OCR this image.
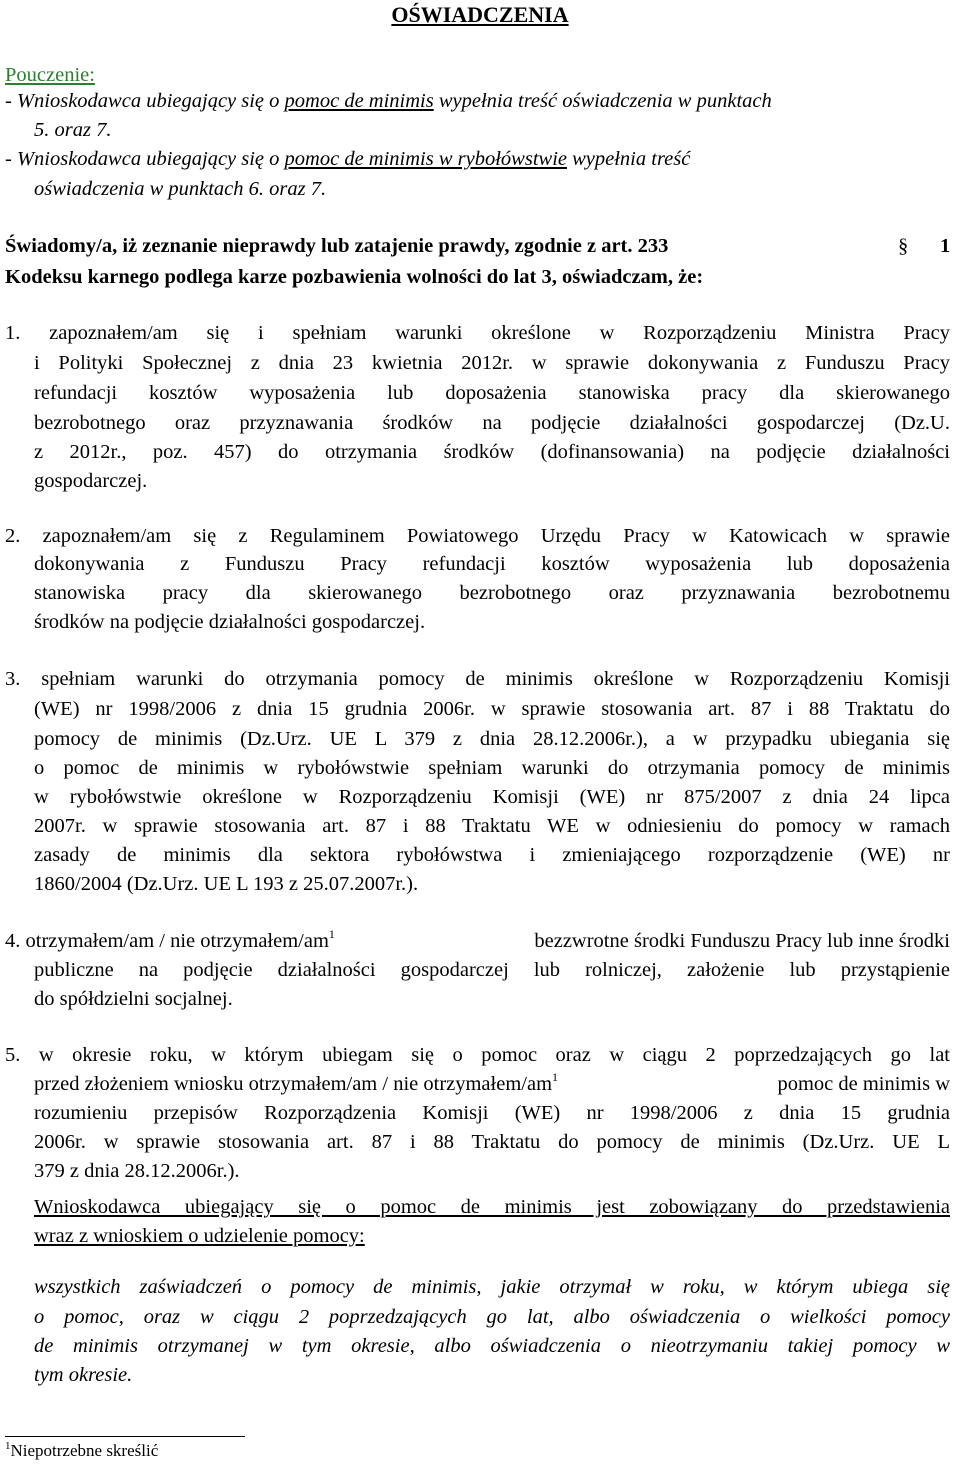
OŚWIADCZENIA
Pouczenie:
- Wnioskodawca ubiegający się o pomoc de minimis wypełnia treść oświadczenia w punktach
5. oraz 7.
- Wnioskodawca ubiegający się o pomoc de minimis w rybołówstwie wypełnia treść
oświadczenia w punktach 6. oraz 7.
Świadomy/a, iż zeznanie nieprawdy lub zatajenie prawdy, zgodnie z art. 233	§ 1
Kodeksu karnego podlega karze pozbawienia wolności do lat 3, oświadczam, że:
1. zapoznałem/am się i spełniam warunki określone w Rozporządzeniu Ministra Pracy
i Polityki Społecznej z dnia 23 kwietnia 2012r. w sprawie dokonywania z Funduszu Pracy
refundacji kosztów wyposażenia lub doposażenia stanowiska pracy dla skierowanego
bezrobotnego oraz przyznawania środków na podjęcie działalności gospodarczej (Dz.U.
z 2012r., poz. 457) do otrzymania środków (dofinansowania) na podjęcie działalności
gospodarczej.
2. zapoznałem/am się z Regulaminem Powiatowego Urzędu Pracy w Katowicach w sprawie
dokonywania z Funduszu Pracy refundacji kosztów wyposażenia lub doposażenia
stanowiska pracy dla skierowanego bezrobotnego oraz przyznawania bezrobotnemu
środków na podjęcie działalności gospodarczej.
3. spełniam warunki do otrzymania pomocy de minimis określone w Rozporządzeniu Komisji
(WE) nr 1998/2006 z dnia 15 grudnia 2006r. w sprawie stosowania art. 87 i 88 Traktatu do
pomocy de minimis (Dz.Urz. UE L 379 z dnia 28.12.2006r.), a w przypadku ubiegania się
o pomoc de minimis w rybołówstwie spełniam warunki do otrzymania pomocy de minimis
w rybołówstwie określone w Rozporządzeniu Komisji (WE) nr 875/2007 z dnia 24 lipca
2007r. w sprawie stosowania art. 87 i 88 Traktatu WE w odniesieniu do pomocy w ramach
zasady de minimis dla sektora rybołówstwa i zmieniającego rozporządzenie (WE) nr
1860/2004 (Dz.Urz. UE L 193 z 25.07.2007r.).
4. otrzymałem/am / nie otrzymałem/$am^1$	bezzwrotne środki Funduszu Pracy lub inne środki
publiczne na podjęcie działalności gospodarczej lub rolniczej, założenie lub przystąpienie
do spółdzielni socjalnej.
5. w okresie roku, w którym ubiegam się o pomoc oraz w ciągu 2 poprzedzających go lat
przed złożeniem wniosku otrzymałem/am / nie otrzymałem/$am^1$	pomoc de minimis w
rozumieniu przepisów Rozporządzenia Komisji (WE) nr 1998/2006 z dnia 15 grudnia
2006r. w sprawie stosowania art. 87 i 88 Traktatu do pomocy de minimis (Dz.Urz. UE L
379 z dnia 28.12.2006r.).
Wnioskodawca ubiegający się o pomoc de minimis jest zobowiązany do przedstawienia
wraz z wnioskiem o udzielenie pomocy:
wszystkich zaświadczeń o pomocy de minimis, jakie otrzymał w roku, w którym ubiega się
o pomoc, oraz w ciągu 2 poprzedzających go lat, albo oświadczenia o wielkości pomocy
de minimis otrzymanej w tym okresie, albo oświadczenia o nieotrzymaniu takiej pomocy w
tym okresie.
$^1$Niepotrzebne skreślić
